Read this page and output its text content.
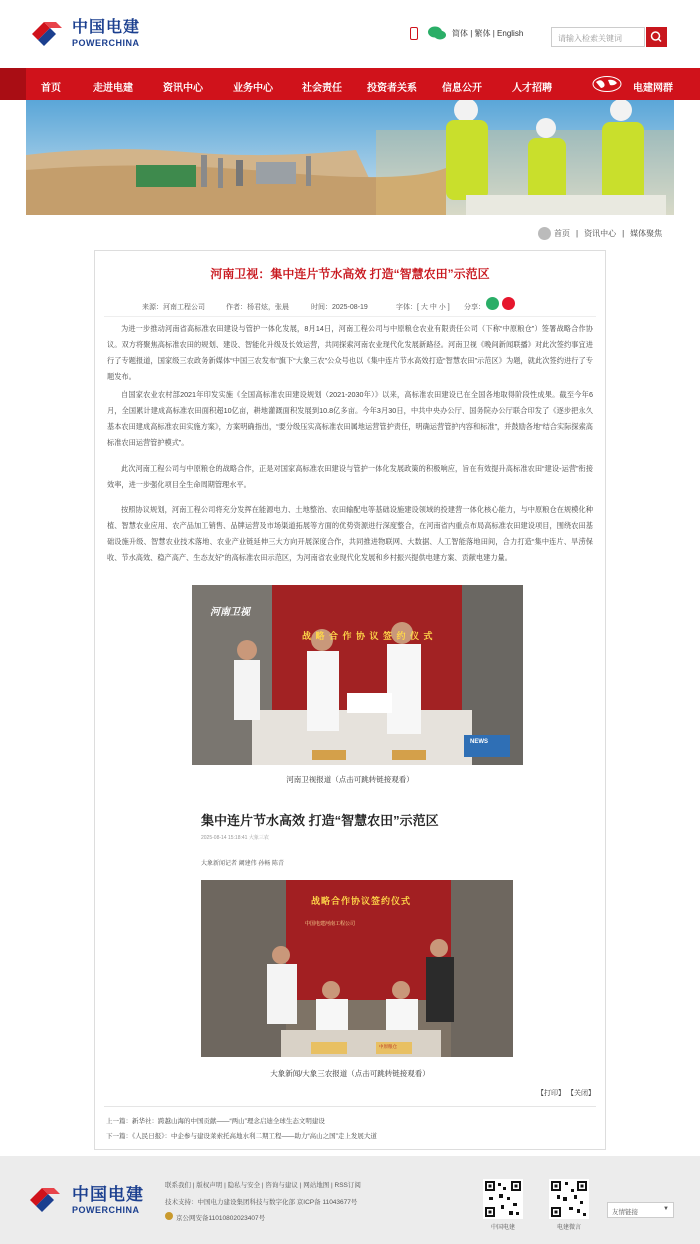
中国电建
POWERCHINA
简体 | 繁体 | English
请输入检索关键词
首页	走进电建	资讯中心	业务中心	社会责任	投资者关系	信息公开	人才招聘	电建网群
首页 | 资讯中心 | 媒体聚焦
河南卫视：集中连片节水高效 打造“智慧农田”示范区
来源：河南工程公司	作者：杨君炫，张晨	时间：2025-08-19	字体：[ 大 中 小 ] 分享：

为进一步推动河南省高标准农田建设与管护一体化发展，8月14日，河南工程公司与中原粮仓农业有限责任公司（下称“中原粮仓”）签署战略合作协议。双方将聚焦高标准农田的规划、建设、智能化升级及长效运营，共同探索河南农业现代化发展新路径。河南卫视《晚间新闻联播》对此次签约事宜进行了专题报道，国家级三农政务新媒体“中国三农发布”旗下“大象三农”公众号也以《集中连片节水高效打造“智慧农田”示范区》为题，就此次签约进行了专题发布。

自国家农业农村部2021年印发实施《全国高标准农田建设规划（2021-2030年）》以来，高标准农田建设已在全国各地取得阶段性成果。截至今年6月，全国累计建成高标准农田面积超10亿亩，耕地灌溉面积发展到10.8亿多亩。今年3月30日，中共中央办公厅、国务院办公厅联合印发了《逐步把永久基本农田建成高标准农田实施方案》，方案明确指出，“要分级压实高标准农田属地运营管护责任，明确运营管护内容和标准”，并鼓励各地“结合实际探索高标准农田运营管护模式”。

此次河南工程公司与中原粮仓的战略合作，正是对国家高标准农田建设与管护一体化发展政策的积极响应，旨在有效提升高标准农田“建设-运营”衔接效率，进一步强化项目全生命周期管理水平。

按照协议规划，河南工程公司将充分发挥在能源电力、土地整治、农田输配电等基础设施建设领域的投建营一体化核心能力，与中原粮仓在规模化种植、智慧农业应用、农产品加工销售、品牌运营及市场渠道拓展等方面的优势资源进行深度整合，在河南省内重点布局高标准农田建设项目，围绕农田基础设施升级、智慧农业技术落地、农业产业链延伸三大方向开展深度合作，共同推进物联网、大数据、人工智能落地田间，合力打造“集中连片、旱涝保收、节水高效、稳产高产、生态友好”的高标准农田示范区，为河南省农业现代化发展和乡村振兴提供电建方案、贡献电建力量。

河南卫视
战 略 合 作 协 议 签 约 仪 式
NEWS
河南卫视报道（点击可跳转链接观看）
集中连片节水高效 打造“智慧农田”示范区
2025-08-14 15:18:41 大象三农
大象新闻记者 阚建伟 孙畅 陈青
战略合作协议签约仪式
中国电建河南工程公司
中原粮仓
大象新闻/大象三农报道（点击可跳转链接观看）
【打印】 【关闭】
上一篇：新华社：跨越山海的中国贡献——“两山”理念启迪全球生态文明建设
下一篇：《人民日报》：中企参与建设莱索托高地水利二期工程——助力“高山之国”走上发展大道
中国电建
POWERCHINA
联系我们 | 版权声明 | 隐私与安全 | 咨询与建议 | 网站地图 | RSS订阅
技术支持：中国电力建设集团科技与数字化部 京ICP备 11043677号
京公网安备11010802023407号
中国电建	电建微言
友情链接	▼
